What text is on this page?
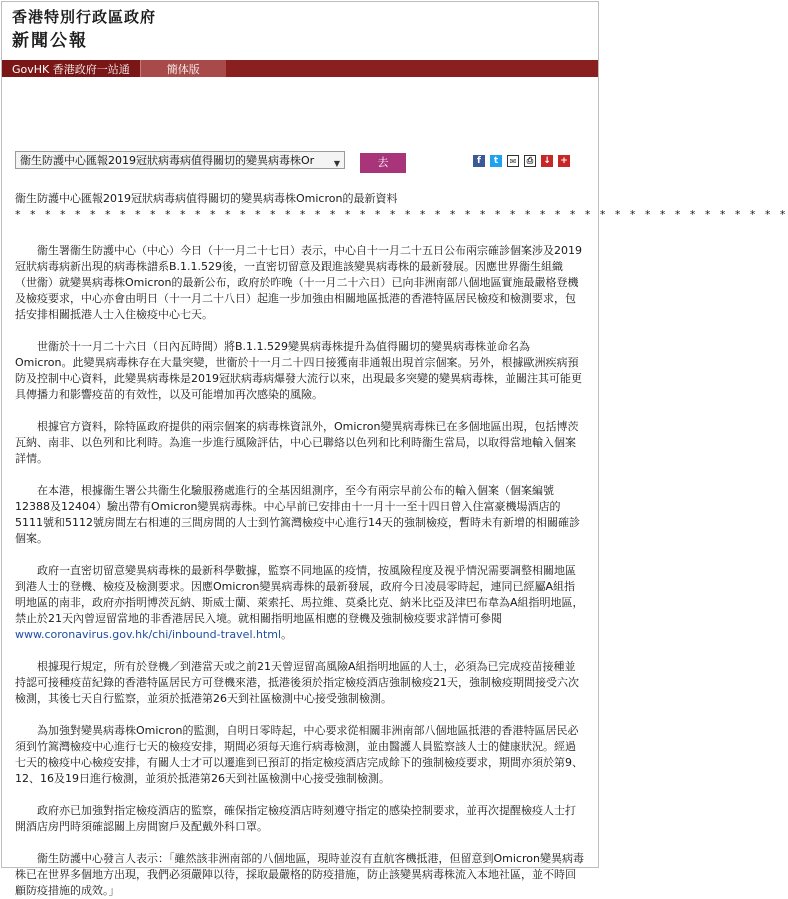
香港特別行政區政府
新聞公報
GovHK 香港政府一站通	簡体版
衞生防護中心匯報2019冠狀病毒病值得關切的變異病毒株Or ▼	去	f	t	✉	⎙	↓ +

衞生防護中心匯報2019冠狀病毒病值得關切的變異病毒株Omicron的最新資料

* * * * * * * * * * * * * * * * * * * * * * * * * * * * * * * * * * * * * * * * * * * * * * * * * * * *

衞生署衞生防護中心（中心）今日（十一月二十七日）表示，中心自十一月二十五日公布兩宗確診個案涉及2019冠狀病毒病新出現的病毒株譜系B.1.1.529後，一直密切留意及跟進該變異病毒株的最新發展。因應世界衞生組織（世衞）就變異病毒株Omicron的最新公布，政府於昨晚（十一月二十六日）已向非洲南部八個地區實施最嚴格登機及檢疫要求，中心亦會由明日（十一月二十八日）起進一步加強由相關地區抵港的香港特區居民檢疫和檢測要求，包括安排相關抵港人士入住檢疫中心七天。

世衞於十一月二十六日（日內瓦時間）將B.1.1.529變異病毒株提升為值得關切的變異病毒株並命名為Omicron。此變異病毒株存在大量突變，世衞於十一月二十四日接獲南非通報出現首宗個案。另外，根據歐洲疾病預防及控制中心資料，此變異病毒株是2019冠狀病毒病爆發大流行以來，出現最多突變的變異病毒株，並關注其可能更具傳播力和影響疫苗的有效性，以及可能增加再次感染的風險。

根據官方資料，除特區政府提供的兩宗個案的病毒株資訊外，Omicron變異病毒株已在多個地區出現，包括博茨瓦納、南非、以色列和比利時。為進一步進行風險評估，中心已聯絡以色列和比利時衞生當局，以取得當地輸入個案詳情。

在本港，根據衞生署公共衞生化驗服務處進行的全基因組測序，至今有兩宗早前公布的輸入個案（個案編號12388及12404）驗出帶有Omicron變異病毒株。中心早前已安排由十一月十一至十四日曾入住富豪機場酒店的5111號和5112號房間左右相連的三間房間的人士到竹篙灣檢疫中心進行14天的強制檢疫，暫時未有新增的相關確診個案。

政府一直密切留意變異病毒株的最新科學數據，監察不同地區的疫情，按風險程度及視乎情況需要調整相關地區到港人士的登機、檢疫及檢測要求。因應Omicron變異病毒株的最新發展，政府今日凌晨零時起，連同已經屬A組指明地區的南非，政府亦指明博茨瓦納、斯威士蘭、萊索托、馬拉維、莫桑比克、納米比亞及津巴布韋為A組指明地區，禁止於21天內曾逗留當地的非香港居民入境。就相關指明地區相應的登機及強制檢疫要求詳情可參閱www.coronavirus.gov.hk/chi/inbound-travel.html。

根據現行規定，所有於登機／到港當天或之前21天曾逗留高風險A組指明地區的人士，必須為已完成疫苗接種並持認可接種疫苗紀錄的香港特區居民方可登機來港，抵港後須於指定檢疫酒店強制檢疫21天，強制檢疫期間接受六次檢測，其後七天自行監察，並須於抵港第26天到社區檢測中心接受強制檢測。

為加強對變異病毒株Omicron的監測，自明日零時起，中心要求從相關非洲南部八個地區抵港的香港特區居民必須到竹篙灣檢疫中心進行七天的檢疫安排，期間必須每天進行病毒檢測，並由醫護人員監察該人士的健康狀況。經過七天的檢疫中心檢疫安排，有關人士才可以遷進到已預訂的指定檢疫酒店完成餘下的強制檢疫要求，期間亦須於第9、12、16及19日進行檢測，並須於抵港第26天到社區檢測中心接受強制檢測。

政府亦已加強對指定檢疫酒店的監察，確保指定檢疫酒店時刻遵守指定的感染控制要求，並再次提醒檢疫人士打開酒店房門時須確認關上房間窗戶及配戴外科口罩。

衞生防護中心發言人表示：「雖然該非洲南部的八個地區，現時並沒有直航客機抵港，但留意到Omicron變異病毒株已在世界多個地方出現，我們必須嚴陣以待，採取最嚴格的防疫措施，防止該變異病毒株流入本地社區，並不時回顧防疫措施的成效。」
